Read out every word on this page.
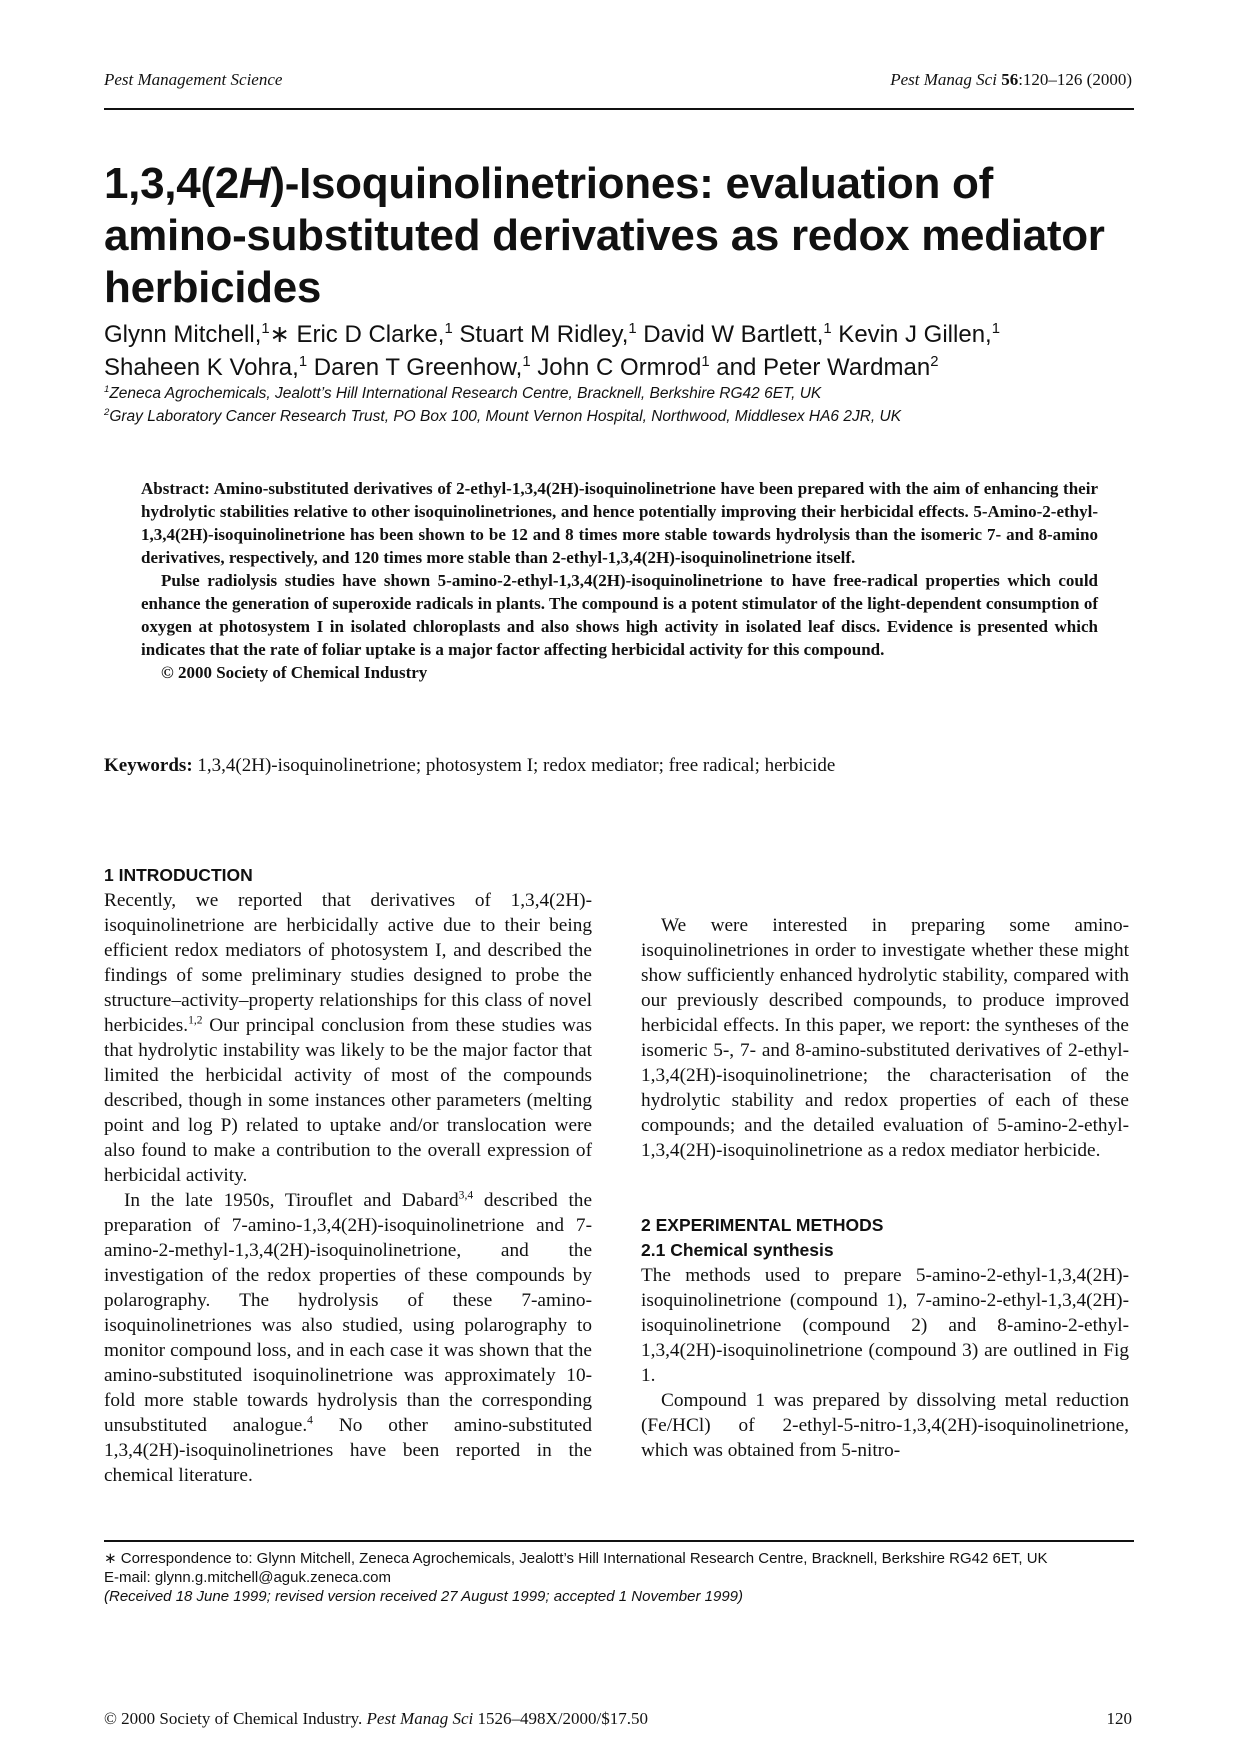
Pest Management Science	Pest Manag Sci 56:120–126 (2000)
1,3,4(2H)-Isoquinolinetriones: evaluation of amino-substituted derivatives as redox mediator herbicides
Glynn Mitchell,$^1$∗ Eric D Clarke,$^1$ Stuart M Ridley,$^1$ David W Bartlett,$^1$ Kevin J Gillen,$^1$
Shaheen K Vohra,$^1$ Daren T Greenhow,$^1$ John C Ormrod$^1$ and Peter Wardman$^2$
$^1$Zeneca Agrochemicals, Jealott’s Hill International Research Centre, Bracknell, Berkshire RG42 6ET, UK
$^2$Gray Laboratory Cancer Research Trust, PO Box 100, Mount Vernon Hospital, Northwood, Middlesex HA6 2JR, UK

Abstract: Amino-substituted derivatives of 2-ethyl-1,3,4(2H)-isoquinolinetrione have been prepared with the aim of enhancing their hydrolytic stabilities relative to other isoquinolinetriones, and hence potentially improving their herbicidal effects. 5-Amino-2-ethyl-1,3,4(2H)-isoquinolinetrione has been shown to be 12 and 8 times more stable towards hydrolysis than the isomeric 7- and 8-amino derivatives, respectively, and 120 times more stable than 2-ethyl-1,3,4(2H)-isoquinolinetrione itself.

Pulse radiolysis studies have shown 5-amino-2-ethyl-1,3,4(2H)-isoquinolinetrione to have free-radical properties which could enhance the generation of superoxide radicals in plants. The compound is a potent stimulator of the light-dependent consumption of oxygen at photosystem I in isolated chloroplasts and also shows high activity in isolated leaf discs. Evidence is presented which indicates that the rate of foliar uptake is a major factor affecting herbicidal activity for this compound.

© 2000 Society of Chemical Industry

Keywords: 1,3,4(2H)-isoquinolinetrione; photosystem I; redox mediator; free radical; herbicide
1 INTRODUCTION

Recently, we reported that derivatives of 1,3,4(2H)-isoquinolinetrione are herbicidally active due to their being efficient redox mediators of photosystem I, and described the findings of some preliminary studies designed to probe the structure–activity–property relationships for this class of novel herbicides.$^{1,2}$ Our principal conclusion from these studies was that hydrolytic instability was likely to be the major factor that limited the herbicidal activity of most of the compounds described, though in some instances other parameters (melting point and log P) related to uptake and/or translocation were also found to make a contribution to the overall expression of herbicidal activity.

In the late 1950s, Tirouflet and Dabard$^{3,4}$ described the preparation of 7-amino-1,3,4(2H)-isoquinolinetrione and 7-amino-2-methyl-1,3,4(2H)-isoquinolinetrione, and the investigation of the redox properties of these compounds by polarography. The hydrolysis of these 7-amino-isoquinolinetriones was also studied, using polarography to monitor compound loss, and in each case it was shown that the amino-substituted isoquinolinetrione was approximately 10-fold more stable towards hydrolysis than the corresponding unsubstituted analogue.$^4$ No other amino-substituted 1,3,4(2H)-isoquinolinetriones have been reported in the chemical literature.

We were interested in preparing some amino-isoquinolinetriones in order to investigate whether these might show sufficiently enhanced hydrolytic stability, compared with our previously described compounds, to produce improved herbicidal effects. In this paper, we report: the syntheses of the isomeric 5-, 7- and 8-amino-substituted derivatives of 2-ethyl-1,3,4(2H)-isoquinolinetrione; the characterisation of the hydrolytic stability and redox properties of each of these compounds; and the detailed evaluation of 5-amino-2-ethyl-1,3,4(2H)-isoquinolinetrione as a redox mediator herbicide.

2 EXPERIMENTAL METHODS
2.1 Chemical synthesis

The methods used to prepare 5-amino-2-ethyl-1,3,4(2H)-isoquinolinetrione (compound 1), 7-amino-2-ethyl-1,3,4(2H)-isoquinolinetrione (compound 2) and 8-amino-2-ethyl-1,3,4(2H)-isoquinolinetrione (compound 3) are outlined in Fig 1.

Compound 1 was prepared by dissolving metal reduction (Fe/HCl) of 2-ethyl-5-nitro-1,3,4(2H)-isoquinolinetrione, which was obtained from 5-nitro-

∗ Correspondence to: Glynn Mitchell, Zeneca Agrochemicals, Jealott’s Hill International Research Centre, Bracknell, Berkshire RG42 6ET, UK

E-mail: glynn.g.mitchell@aguk.zeneca.com

(Received 18 June 1999; revised version received 27 August 1999; accepted 1 November 1999)

© 2000 Society of Chemical Industry. Pest Manag Sci 1526–498X/2000/$17.50	120
